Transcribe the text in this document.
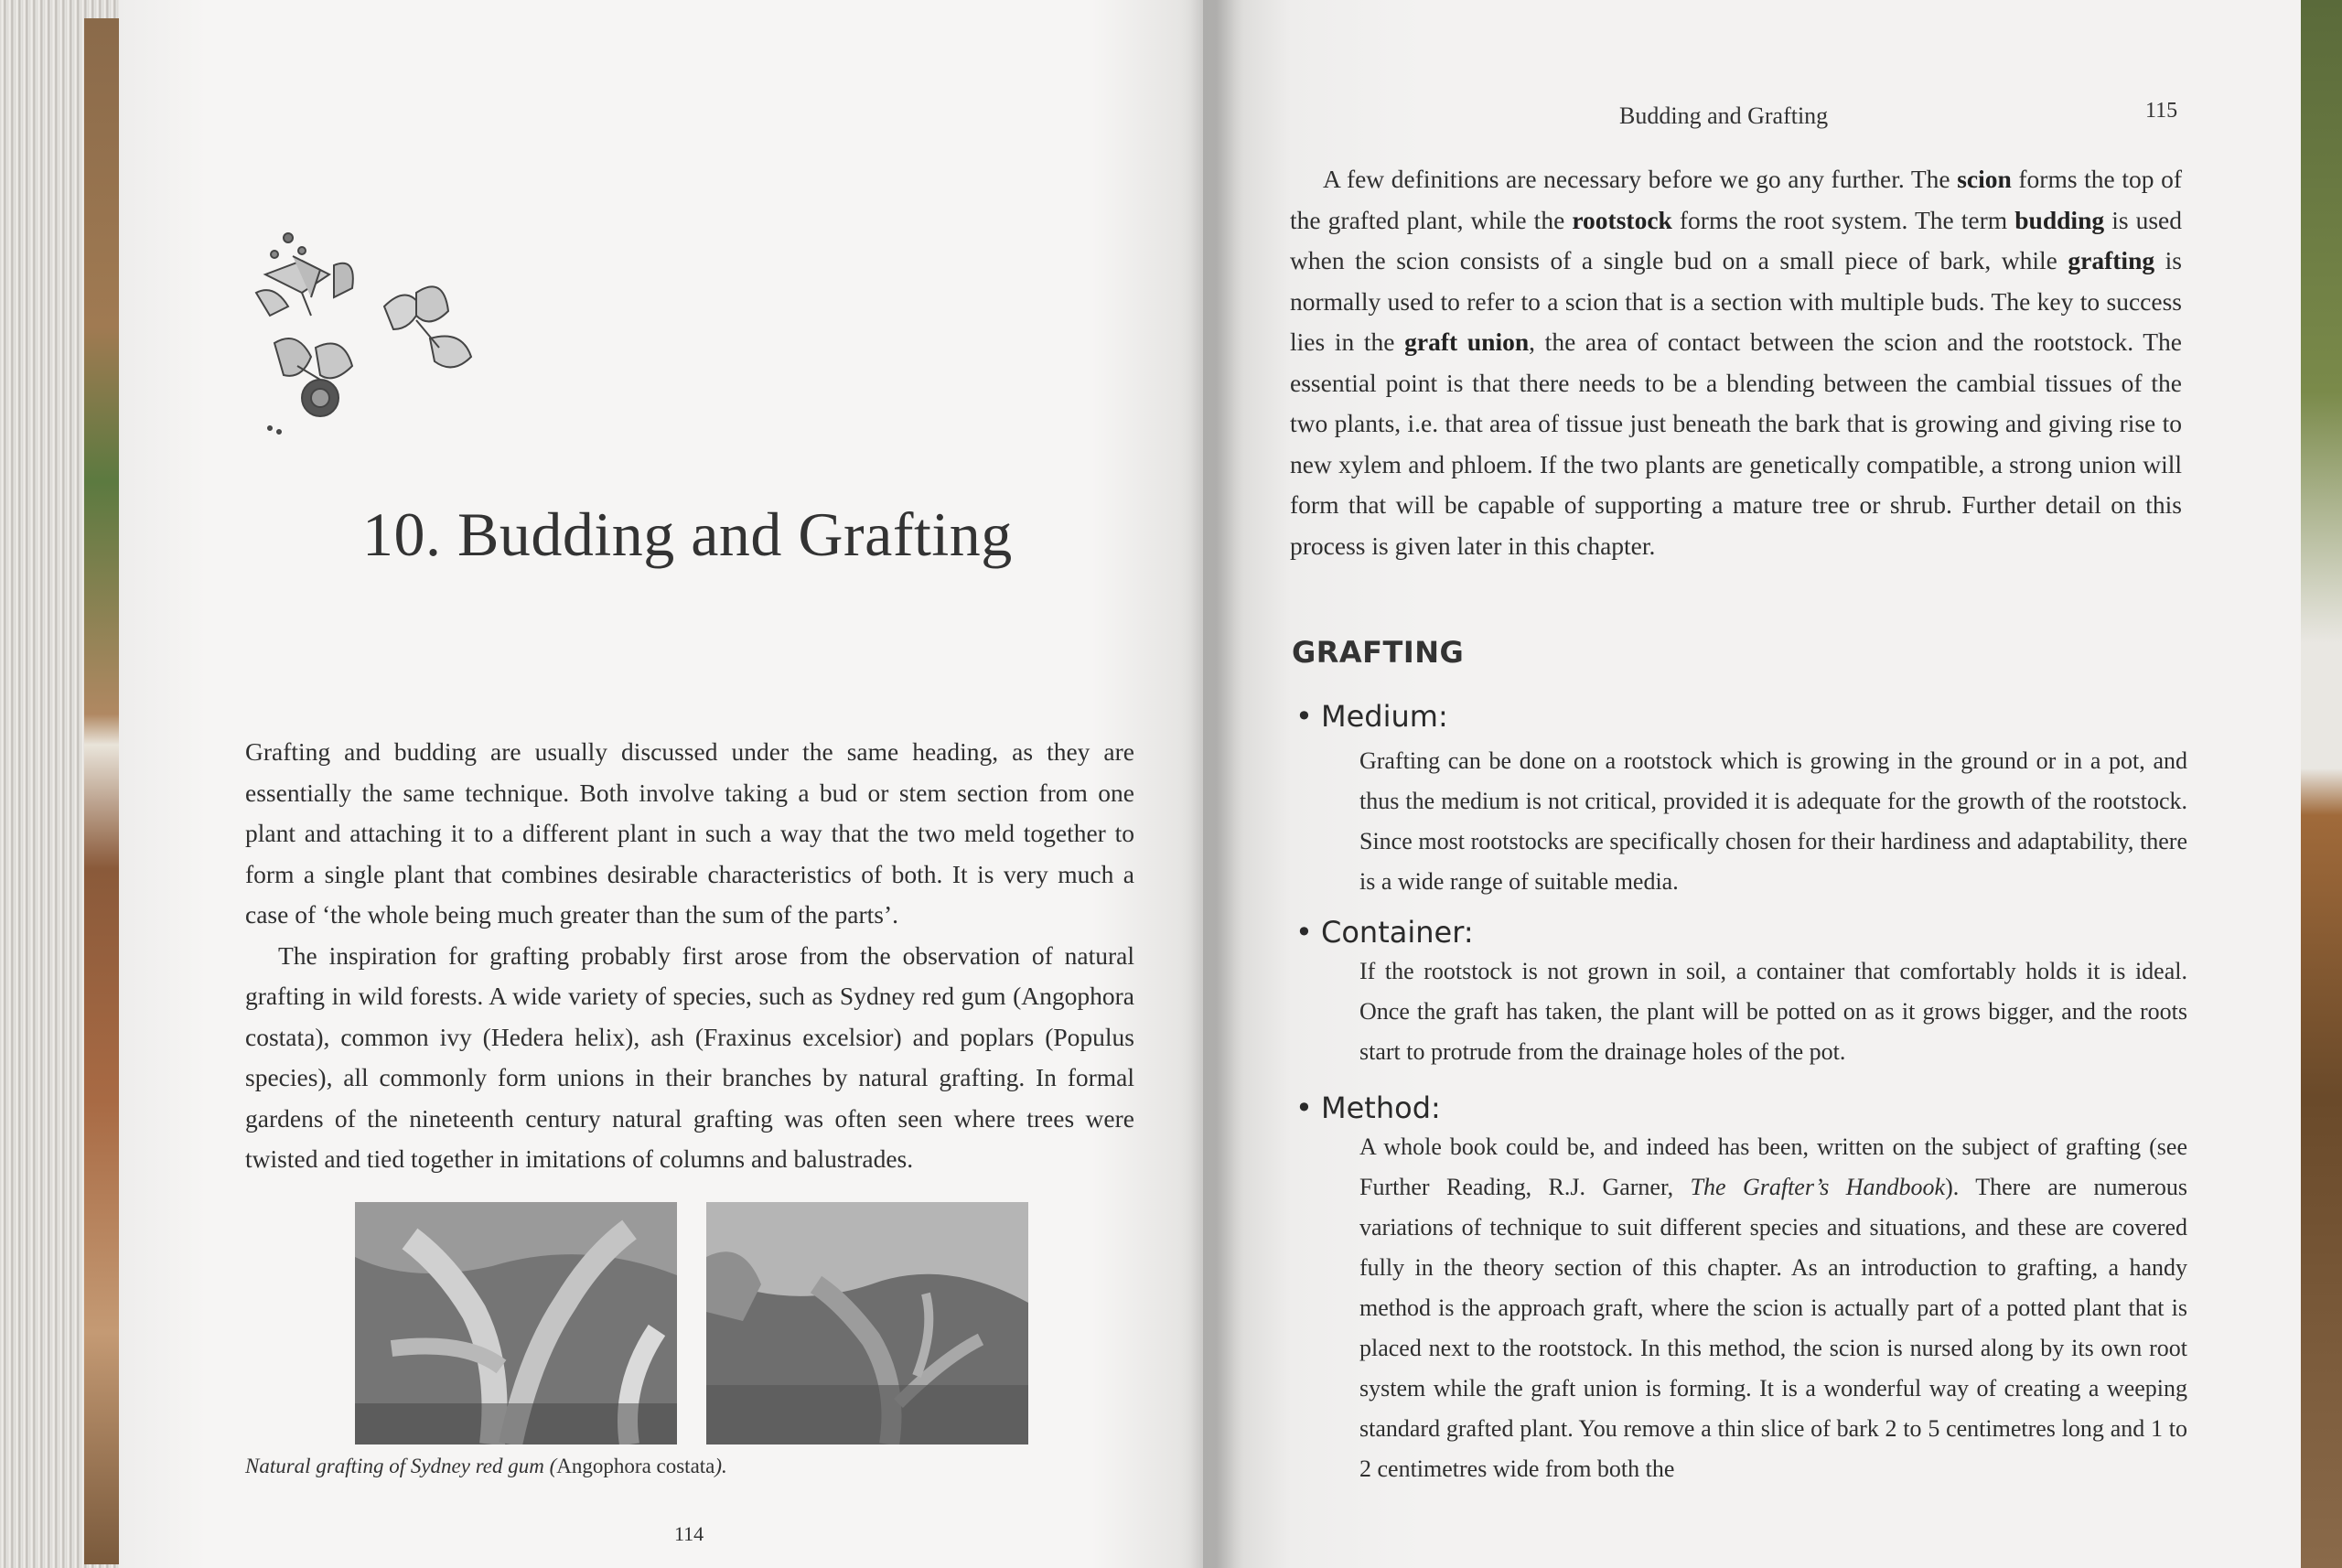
10. Budding and Grafting

Grafting and budding are usually discussed under the same heading, as they are essentially the same technique. Both involve taking a bud or stem section from one plant and attaching it to a different plant in such a way that the two meld together to form a single plant that combines desirable characteristics of both. It is very much a case of ‘the whole being much greater than the sum of the parts’.

The inspiration for grafting probably first arose from the observation of natural grafting in wild forests. A wide variety of species, such as Sydney red gum (Angophora costata), common ivy (Hedera helix), ash (Fraxinus excelsior) and poplars (Populus species), all commonly form unions in their branches by natural grafting. In formal gardens of the nineteenth century natural grafting was often seen where trees were twisted and tied together in imitations of columns and balustrades.

Natural grafting of Sydney red gum (Angophora costata).
114
Budding and Grafting	115

A few definitions are necessary before we go any further. The scion forms the top of the grafted plant, while the rootstock forms the root system. The term budding is used when the scion consists of a single bud on a small piece of bark, while grafting is normally used to refer to a scion that is a section with multiple buds. The key to success lies in the graft union, the area of contact between the scion and the rootstock. The essential point is that there needs to be a blending between the cambial tissues of the two plants, i.e. that area of tissue just beneath the bark that is growing and giving rise to new xylem and phloem. If the two plants are genetically compatible, a strong union will form that will be capable of supporting a mature tree or shrub. Further detail on this process is given later in this chapter.

GRAFTING
• Medium:
Grafting can be done on a rootstock which is growing in the ground or in a pot, and thus the medium is not critical, provided it is adequate for the growth of the rootstock. Since most rootstocks are specifically chosen for their hardiness and adaptability, there is a wide range of suitable media.
• Container:
If the rootstock is not grown in soil, a container that comfortably holds it is ideal. Once the graft has taken, the plant will be potted on as it grows bigger, and the roots start to protrude from the drainage holes of the pot.
• Method:
A whole book could be, and indeed has been, written on the subject of grafting (see Further Reading, R.J. Garner, The Grafter’s Handbook). There are numerous variations of technique to suit different species and situations, and these are covered fully in the theory section of this chapter. As an introduction to grafting, a handy method is the approach graft, where the scion is actually part of a potted plant that is placed next to the rootstock. In this method, the scion is nursed along by its own root system while the graft union is forming. It is a wonderful way of creating a weeping standard grafted plant. You remove a thin slice of bark 2 to 5 centimetres long and 1 to 2 centimetres wide from both the
